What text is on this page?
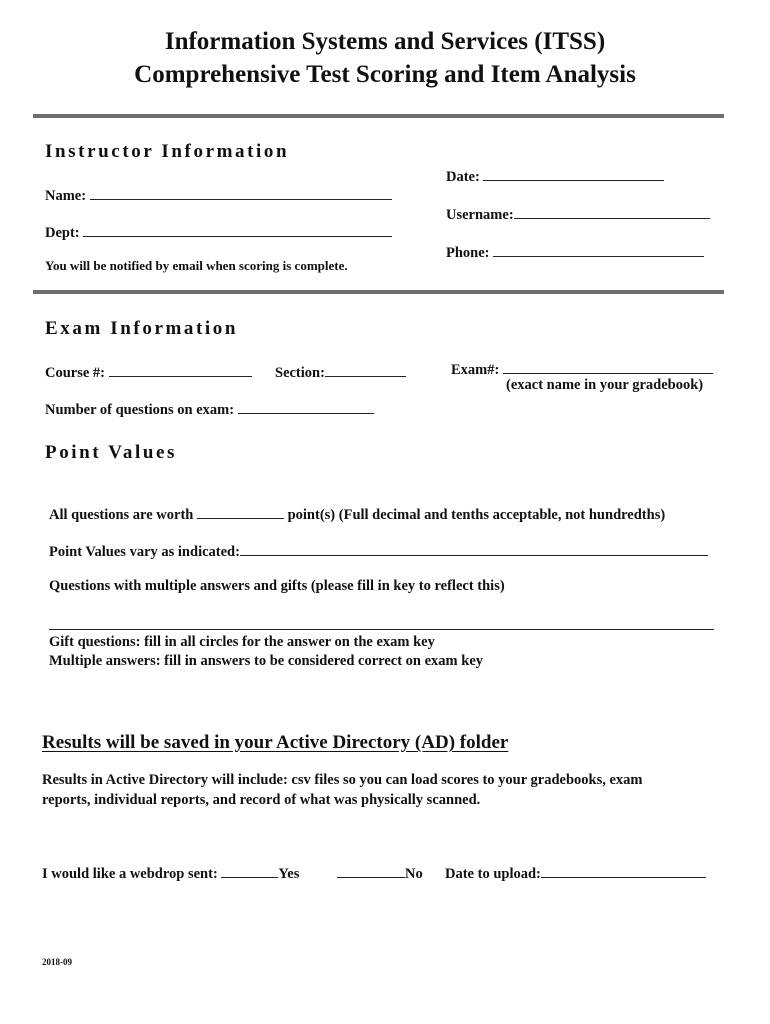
Information Systems and Services (ITSS)
Comprehensive Test Scoring and Item Analysis
Instructor Information
Name:
Dept:
You will be notified by email when scoring is complete.
Date:
Username:
Phone:
Exam Information
Course #:	Section:	Exam#:
(exact name in your gradebook)
Number of questions on exam:
Point Values
All questions are worth	point(s) (Full decimal and tenths acceptable, not hundredths)
Point Values vary as indicated:
Questions with multiple answers and gifts (please fill in key to reflect this)
Gift questions: fill in all circles for the answer on the exam key
Multiple answers: fill in answers to be considered correct on exam key
Results will be saved in your Active Directory (AD) folder
Results in Active Directory will include: csv files so you can load scores to your gradebooks, exam
reports, individual reports, and record of what was physically scanned.
I would like a webdrop sent:	Yes	No Date to upload:
2018-09
